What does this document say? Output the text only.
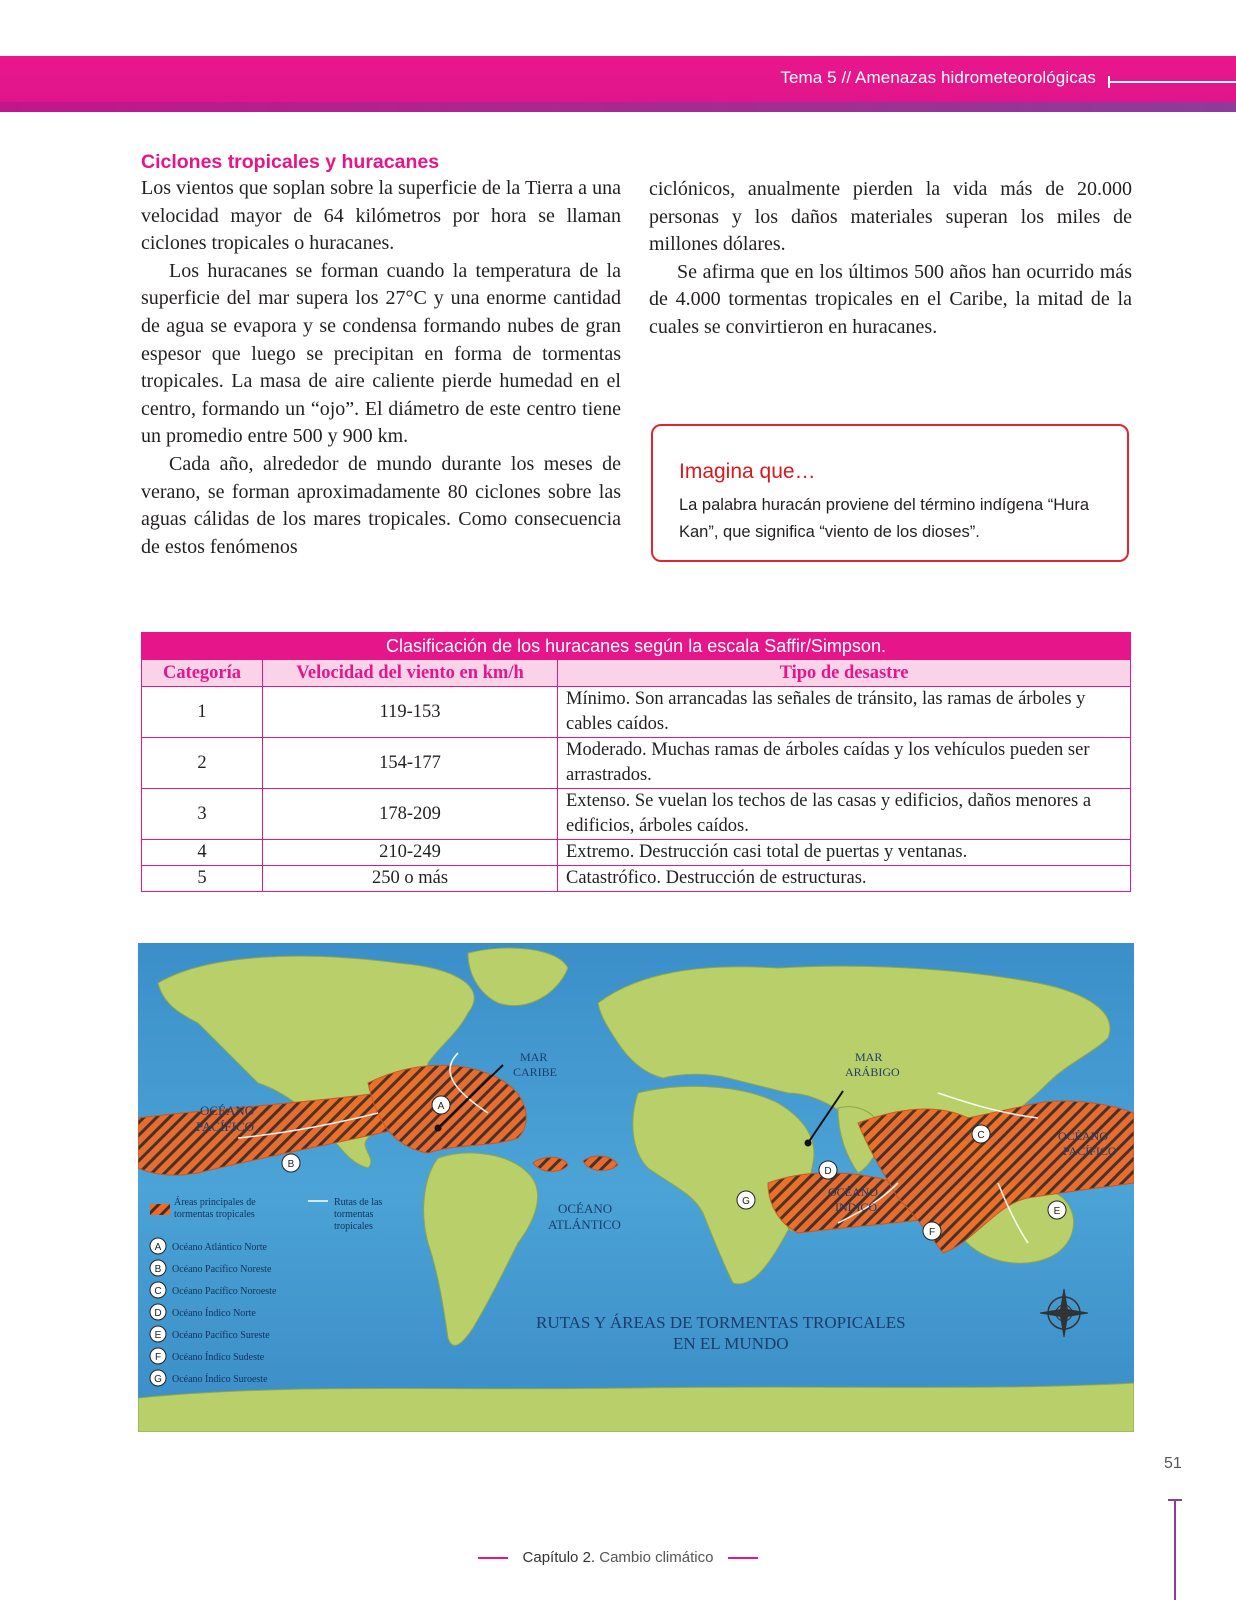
Tema 5 // Amenazas hidrometeorológicas
Ciclones tropicales y huracanes

Los vientos que soplan sobre la superficie de la Tierra a una velocidad mayor de 64 kilómetros por hora se llaman ciclones tropicales o huracanes.

Los huracanes se forman cuando la temperatura de la superficie del mar supera los 27°C y una enorme cantidad de agua se evapora y se condensa formando nubes de gran espesor que luego se precipitan en forma de tormentas tropicales. La masa de aire caliente pierde humedad en el centro, formando un “ojo”. El diámetro de este centro tiene un promedio entre 500 y 900 km.

Cada año, alrededor de mundo durante los meses de verano, se forman aproximadamente 80 ciclones sobre las aguas cálidas de los mares tropicales. Como consecuencia de estos fenómenos

ciclónicos, anualmente pierden la vida más de 20.000 personas y los daños materiales superan los miles de millones dólares.

Se afirma que en los últimos 500 años han ocurrido más de 4.000 tormentas tropicales en el Caribe, la mitad de la cuales se convirtieron en huracanes.

Imagina que…
La palabra huracán proviene del término indígena “Hura Kan”, que significa “viento de los dioses”.
Clasificación de los huracanes según la escala Saffir/Simpson.		
Categoría	Velocidad del viento en km/h	Tipo de desastre
1	119-153	Mínimo. Son arrancadas las señales de tránsito, las ramas de árboles y cables caídos.
2	154-177	Moderado. Muchas ramas de árboles caídas y los vehículos pueden ser arrastrados.
3	178-209	Extenso. Se vuelan los techos de las casas y edificios, daños menores a edificios, árboles caídos.
4	210-249	Extremo. Destrucción casi total de puertas y ventanas.
5	250 o más	Catastrófico. Destrucción de estructuras.
OCÉANO
PACÍFICO
MAR
CARIBE
MAR
ARÁBIGO
OCÉANO
PACÍFICO
OCÉANO
ATLÁNTICO
OCÉANO
ÍNDICO
A
B
C
D
E
F
G
Áreas principales de
tormentas tropicales
Rutas de las
tormentas
tropicales
A
B
C
D
E
F
G
Océano Atlántico Norte
Océano Pacífico Noreste
Océano Pacífico Noroeste
Océano Índico Norte
Océano Pacífico Sureste
Océano Índico Sudeste
Océano Índico Suroeste
RUTAS Y ÁREAS DE TORMENTAS TROPICALES
EN EL MUNDO
51
Capítulo 2. Cambio climático
